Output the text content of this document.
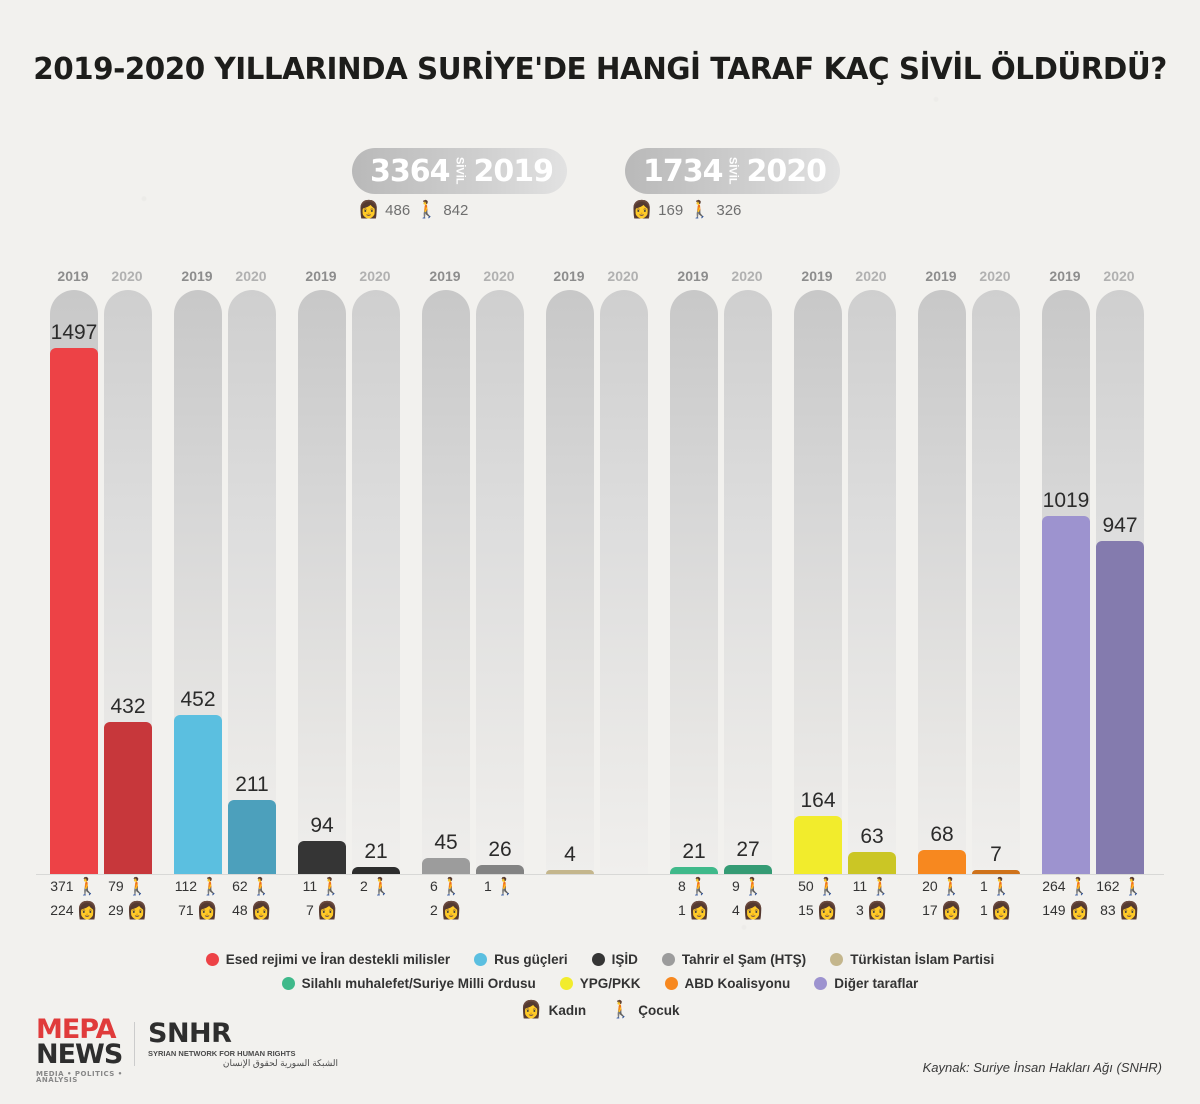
2019-2020 YILLARINDA SURİYE'DE HANGİ TARAF KAÇ SİVİL ÖLDÜRDÜ?
3364 SİVİL 2019
👩 486 🚶 842
1734 SİVİL 2020
👩 169 🚶 326
2019	2020
1497
432
371 🚶
224 👩
79 🚶
29 👩
2019	2020
452
211
112 🚶
71 👩
62 🚶
48 👩
2019	2020
94
21
11 🚶
7 👩
2 🚶
2019	2020
45 26
6 🚶
2 👩
1 🚶
2019	2020
4
2019	2020
21 27
8 🚶
1 👩
9 🚶
4 👩
2019	2020
164
63
50 🚶
15 👩
11 🚶
3 👩
2019	2020
68
7
20 🚶
17 👩
1 🚶
1 👩
2019	2020
1019
947
264 🚶
149 👩
162 🚶
83 👩
Esed rejimi ve İran destekli milisler	Rus güçleri	IŞİD	Tahrir el Şam (HTŞ)	Türkistan İslam Partisi
Silahlı muhalefet/Suriye Milli Ordusu	YPG/PKK	ABD Koalisyonu	Diğer taraflar
👩 Kadın 🚶 Çocuk
MEPA
NEWS
MEDIA • POLITICS • ANALYSIS
SNHR
SYRIAN NETWORK FOR HUMAN RIGHTS
الشبكة السورية لحقوق الإنسان	Kaynak: Suriye İnsan Hakları Ağı (SNHR)
